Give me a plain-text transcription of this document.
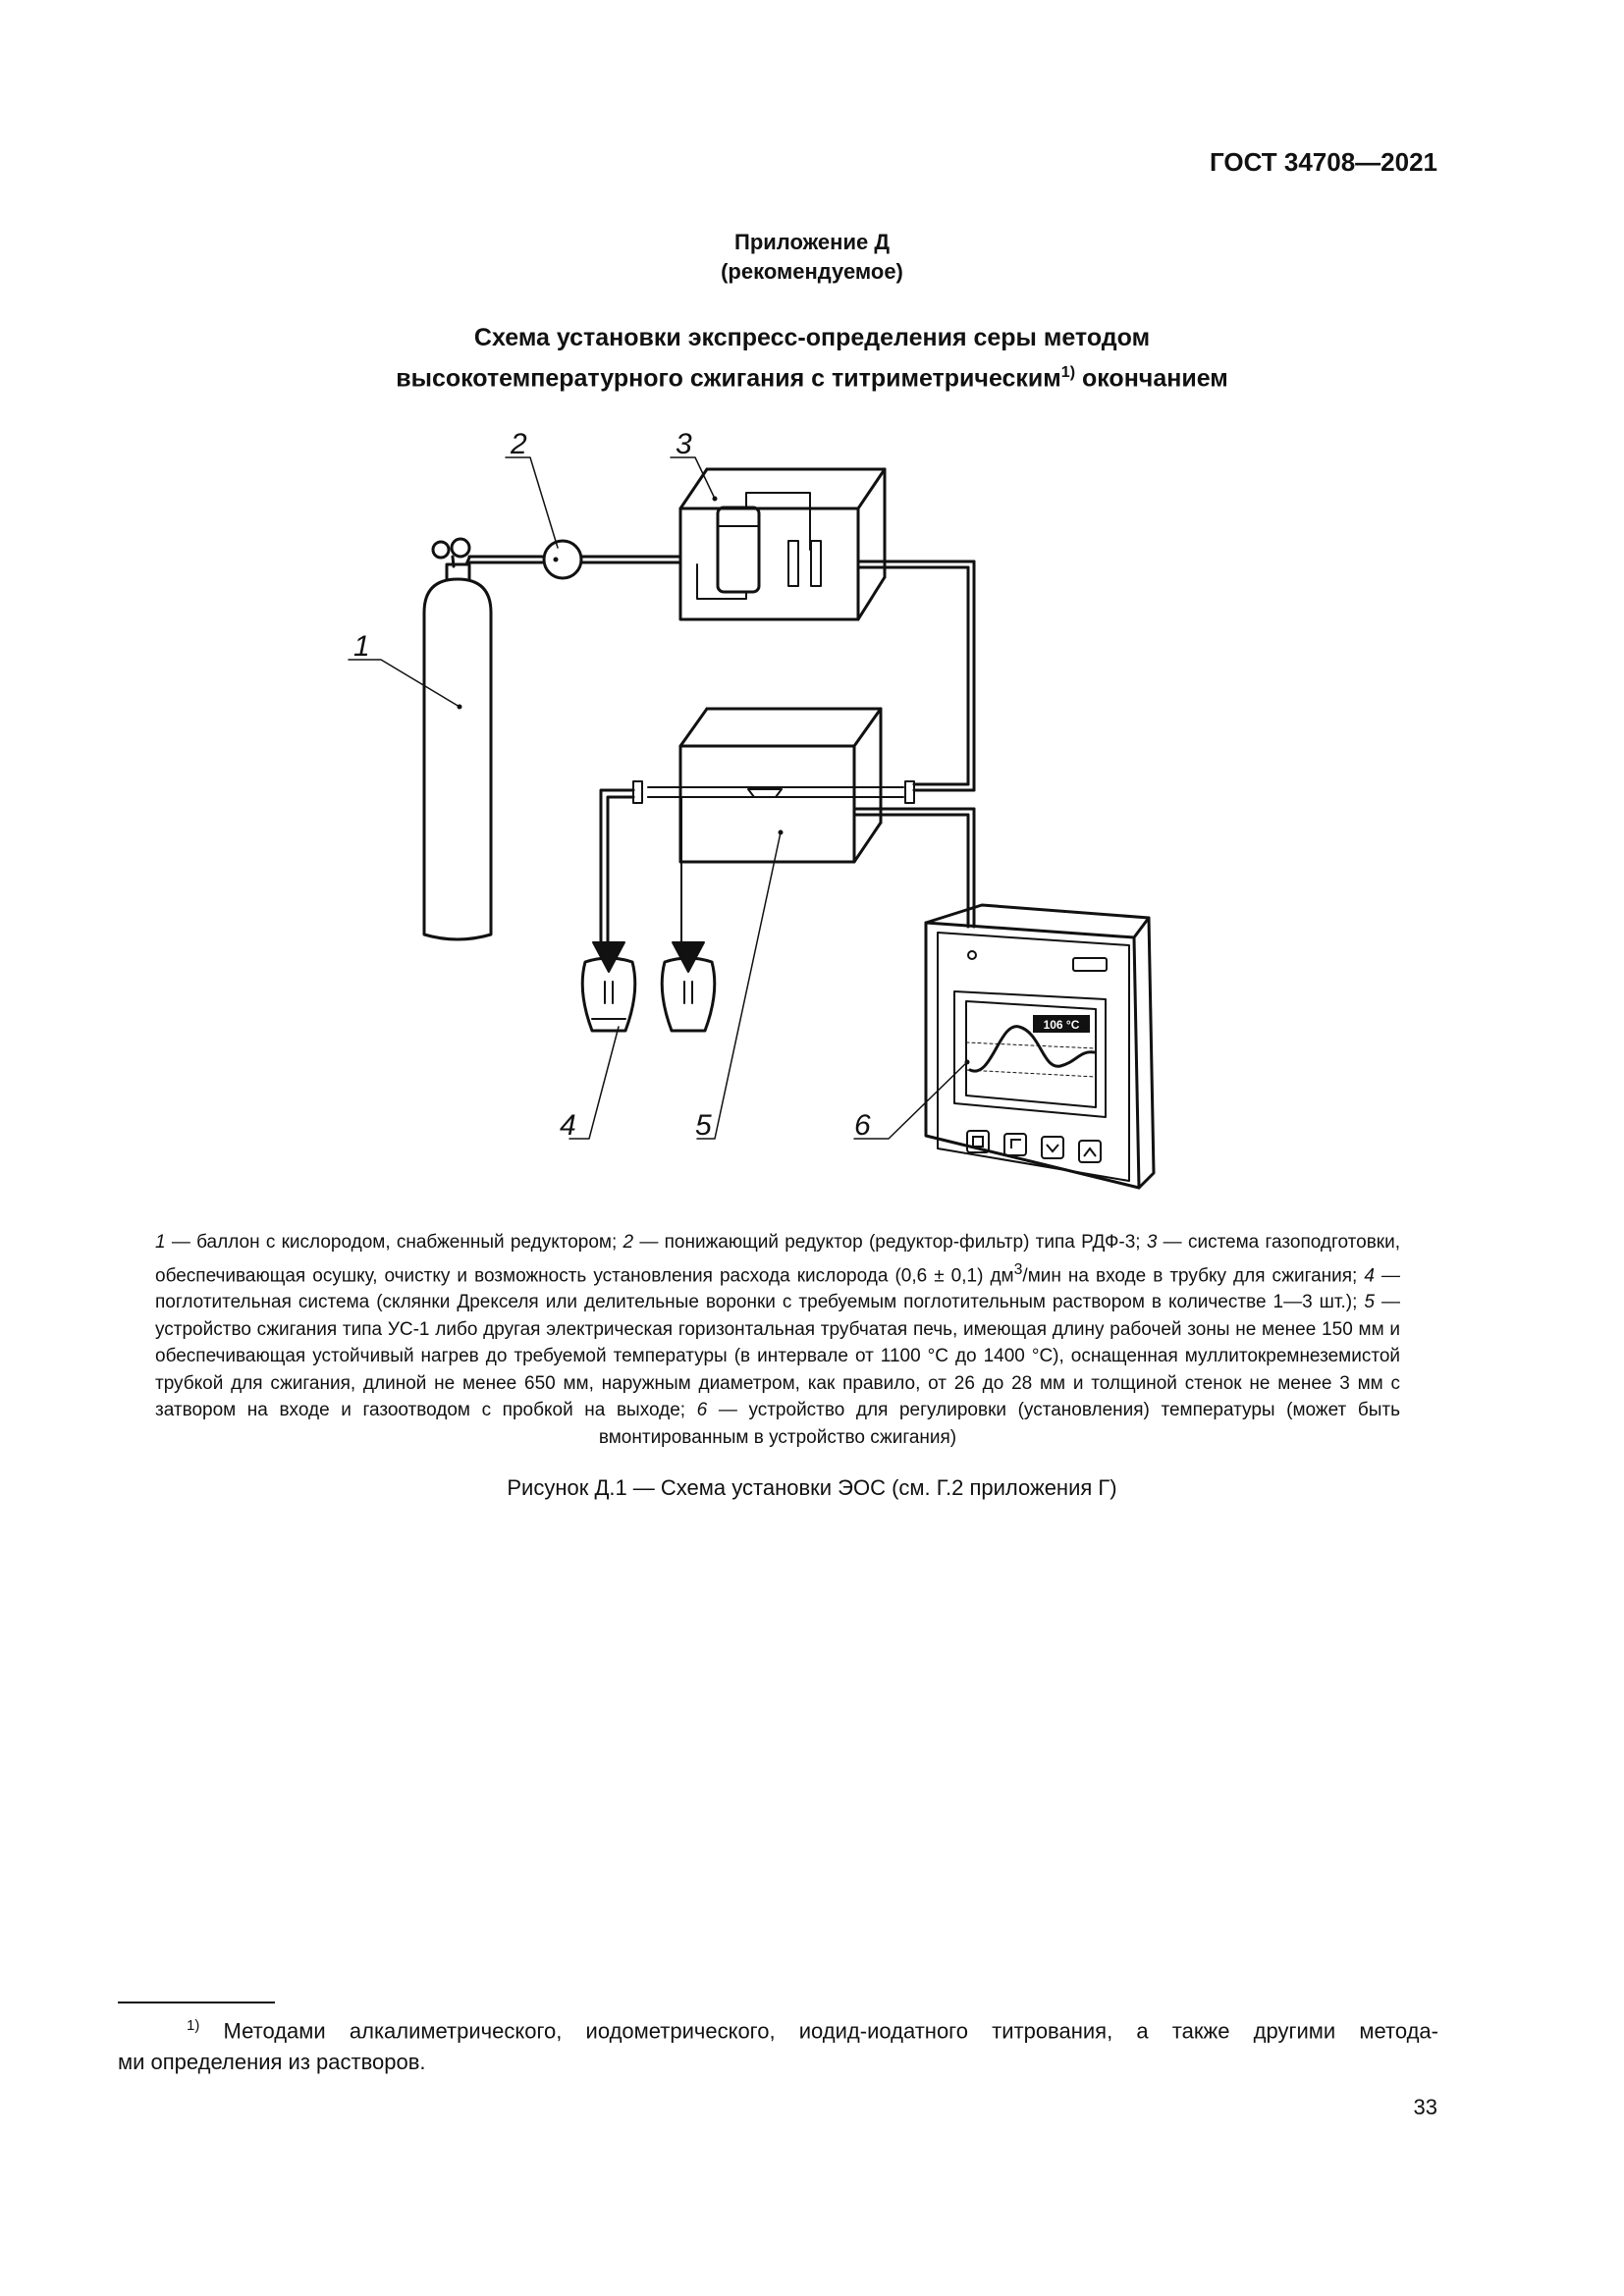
ГОСТ 34708—2021
Приложение Д
(рекомендуемое)
Схема установки экспресс-определения серы методом
высокотемпературного сжигания с титриметрическим$^{1)}$ окончанием
106 °C
2	3
1
4	5	6
1 — баллон с кислородом, снабженный редуктором; 2 — понижающий редуктор (редуктор-фильтр) типа РДФ-3; 3 — система газоподготовки, обеспечивающая осушку, очистку и возможность установления расхода кислорода (0,6 ± 0,1) $дм^3$/мин на входе в трубку для сжигания; 4 — поглотительная система (склянки Дрекселя или делительные воронки с требуемым поглотительным раствором в количестве 1—3 шт.); 5 — устройство сжигания типа УС-1 либо другая электрическая горизонтальная трубчатая печь, имеющая длину рабочей зоны не менее 150 мм и обеспечивающая устойчивый нагрев до требуемой температуры (в интервале от 1100 °С до 1400 °С), оснащенная муллитокремнеземистой трубкой для сжигания, длиной не менее 650 мм, наружным диаметром, как правило, от 26 до 28 мм и толщиной стенок не менее 3 мм с затвором на входе и газоотводом с пробкой на выходе; 6 — устройство для регулировки (установления) температуры (может быть вмонтированным в устройство сжигания)
Рисунок Д.1 — Схема установки ЭОС (см. Г.2 приложения Г)
$^{1)}$ Методами алкалиметрического, иодометрического, иодид-иодатного титрования, а также другими метода-
ми определения из растворов.
33
